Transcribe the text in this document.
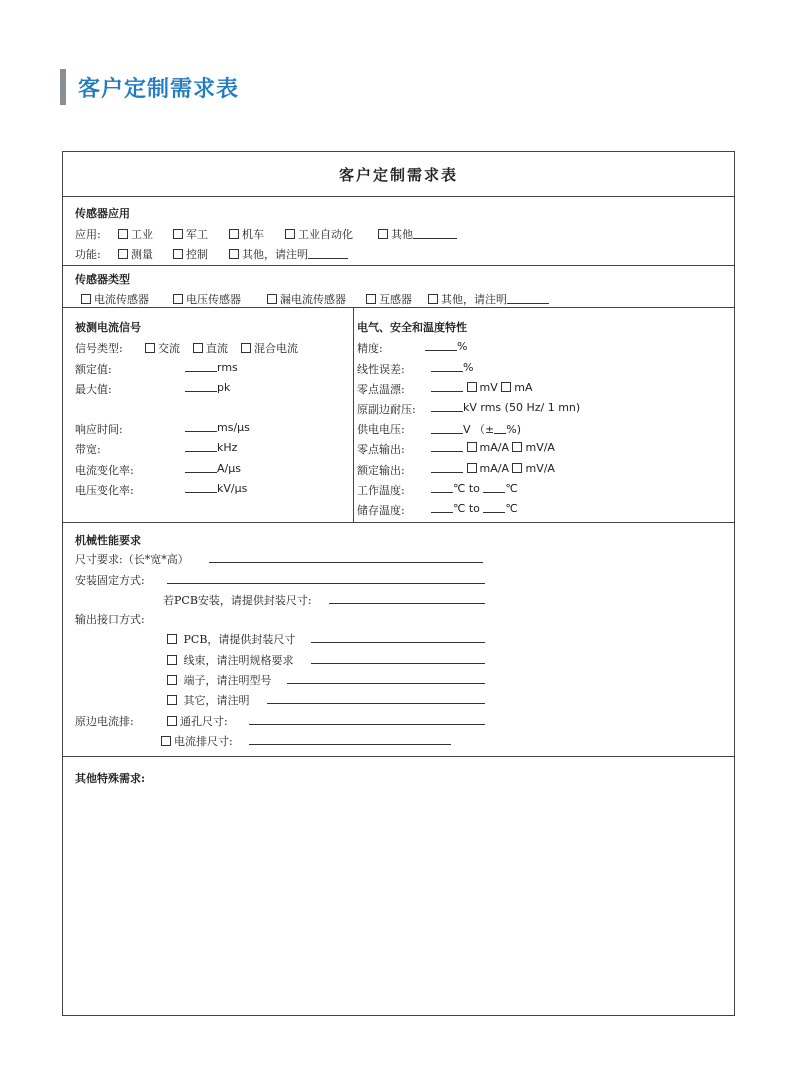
客户定制需求表
客户定制需求表
传感器应用
应用:	工业	军工	机车	工业自动化	其他
功能:	测量	控制	其他，请注明
传感器类型
电流传感器	电压传感器	漏电流传感器	互感器	其他，请注明
被测电流信号
信号类型:	交流	直流	混合电流
额定值:	rms
最大值:	pk
响应时间:	ms/μs
带宽:	kHz
电流变化率:	A/μs
电压变化率:	kV/μs
电气、安全和温度特性
精度:	%
线性误差:	%
零点温漂:	mV mA
原副边耐压:	kV rms (50 Hz/ 1 mn)
供电电压:	V （± %)
零点输出:	mA/A mV/A
额定输出:	mA/A mV/A
工作温度:	℃ to ℃
储存温度:	℃ to ℃
机械性能要求
尺寸要求:（长*宽*高）
安装固定方式:
若PCB安装，请提供封装尺寸:
输出接口方式:
PCB，请提供封装尺寸
线束，请注明规格要求
端子，请注明型号
其它，请注明
原边电流排:	通孔尺寸:
电流排尺寸:
其他特殊需求:
